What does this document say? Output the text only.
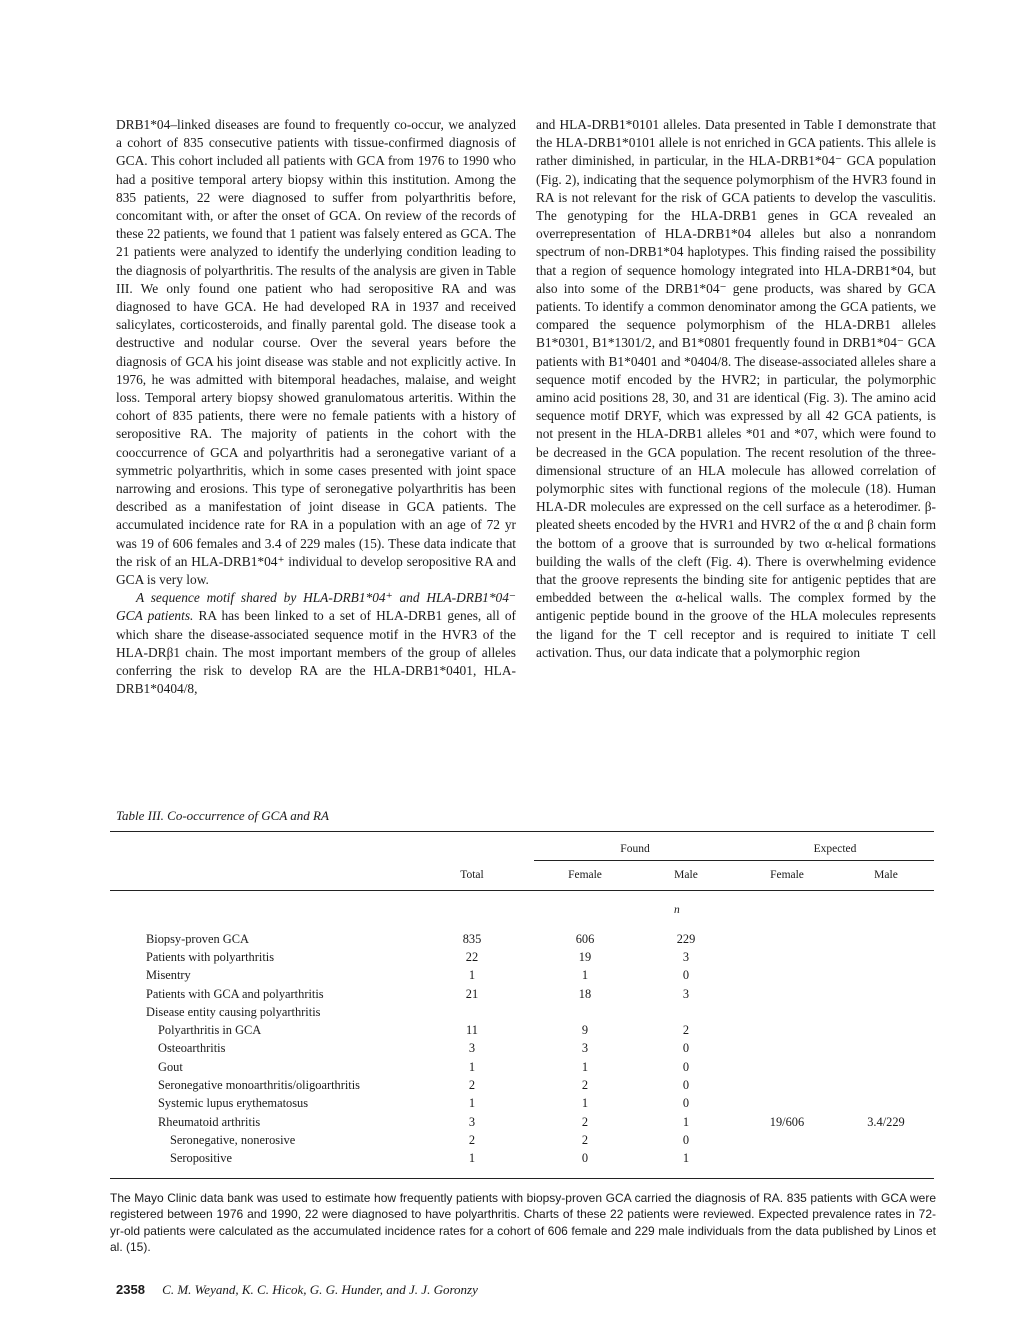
DRB1*04–linked diseases are found to frequently co-occur, we analyzed a cohort of 835 consecutive patients with tissue-confirmed diagnosis of GCA. This cohort included all patients with GCA from 1976 to 1990 who had a positive temporal artery biopsy within this institution. Among the 835 patients, 22 were diagnosed to suffer from polyarthritis before, concomitant with, or after the onset of GCA. On review of the records of these 22 patients, we found that 1 patient was falsely entered as GCA. The 21 patients were analyzed to identify the underlying condition leading to the diagnosis of polyarthritis. The results of the analysis are given in Table III. We only found one patient who had seropositive RA and was diagnosed to have GCA. He had developed RA in 1937 and received salicylates, corticosteroids, and finally parental gold. The disease took a destructive and nodular course. Over the several years before the diagnosis of GCA his joint disease was stable and not explicitly active. In 1976, he was admitted with bitemporal headaches, malaise, and weight loss. Temporal artery biopsy showed granulomatous arteritis. Within the cohort of 835 patients, there were no female patients with a history of seropositive RA. The majority of patients in the cohort with the cooccurrence of GCA and polyarthritis had a seronegative variant of a symmetric polyarthritis, which in some cases presented with joint space narrowing and erosions. This type of seronegative polyarthritis has been described as a manifestation of joint disease in GCA patients. The accumulated incidence rate for RA in a population with an age of 72 yr was 19 of 606 females and 3.4 of 229 males (15). These data indicate that the risk of an HLA-DRB1*04⁺ individual to develop seropositive RA and GCA is very low.

A sequence motif shared by HLA-DRB1*04⁺ and HLA-DRB1*04⁻ GCA patients. RA has been linked to a set of HLA-DRB1 genes, all of which share the disease-associated sequence motif in the HVR3 of the HLA-DRβ1 chain. The most important members of the group of alleles conferring the risk to develop RA are the HLA-DRB1*0401, HLA-DRB1*0404/8,

and HLA-DRB1*0101 alleles. Data presented in Table I demonstrate that the HLA-DRB1*0101 allele is not enriched in GCA patients. This allele is rather diminished, in particular, in the HLA-DRB1*04⁻ GCA population (Fig. 2), indicating that the sequence polymorphism of the HVR3 found in RA is not relevant for the risk of GCA patients to develop the vasculitis. The genotyping for the HLA-DRB1 genes in GCA revealed an overrepresentation of HLA-DRB1*04 alleles but also a nonrandom spectrum of non-DRB1*04 haplotypes. This finding raised the possibility that a region of sequence homology integrated into HLA-DRB1*04, but also into some of the DRB1*04⁻ gene products, was shared by GCA patients. To identify a common denominator among the GCA patients, we compared the sequence polymorphism of the HLA-DRB1 alleles B1*0301, B1*1301/2, and B1*0801 frequently found in DRB1*04⁻ GCA patients with B1*0401 and *0404/8. The disease-associated alleles share a sequence motif encoded by the HVR2; in particular, the polymorphic amino acid positions 28, 30, and 31 are identical (Fig. 3). The amino acid sequence motif DRYF, which was expressed by all 42 GCA patients, is not present in the HLA-DRB1 alleles *01 and *07, which were found to be decreased in the GCA population. The recent resolution of the three-dimensional structure of an HLA molecule has allowed correlation of polymorphic sites with functional regions of the molecule (18). Human HLA-DR molecules are expressed on the cell surface as a heterodimer. β-pleated sheets encoded by the HVR1 and HVR2 of the α and β chain form the bottom of a groove that is surrounded by two α-helical formations building the walls of the cleft (Fig. 4). There is overwhelming evidence that the groove represents the binding site for antigenic peptides that are embedded between the α-helical walls. The complex formed by the antigenic peptide bound in the groove of the HLA molecules represents the ligand for the T cell receptor and is required to initiate T cell activation. Thus, our data indicate that a polymorphic region

Table III. Co-occurrence of GCA and RA
		Found		Expected	
	Total	Female	Male	Female	Male
n					
Biopsy-proven GCA	835	606	229		
Patients with polyarthritis	22	19	3		
Misentry	1	1	0		
Patients with GCA and polyarthritis	21	18	3		
Disease entity causing polyarthritis					
Polyarthritis in GCA	11	9	2		
Osteoarthritis	3	3	0		
Gout	1	1	0		
Seronegative monoarthritis/oligoarthritis	2	2	0		
Systemic lupus erythematosus	1	1	0		
Rheumatoid arthritis	3	2	1	19/606	3.4/229
Seronegative, nonerosive	2	2	0		
Seropositive	1	0	1		
The Mayo Clinic data bank was used to estimate how frequently patients with biopsy-proven GCA carried the diagnosis of RA. 835 patients with GCA were registered between 1976 and 1990, 22 were diagnosed to have polyarthritis. Charts of these 22 patients were reviewed. Expected prevalence rates in 72-yr-old patients were calculated as the accumulated incidence rates for a cohort of 606 female and 229 male individuals from the data published by Linos et al. (15).
2358 C. M. Weyand, K. C. Hicok, G. G. Hunder, and J. J. Goronzy
